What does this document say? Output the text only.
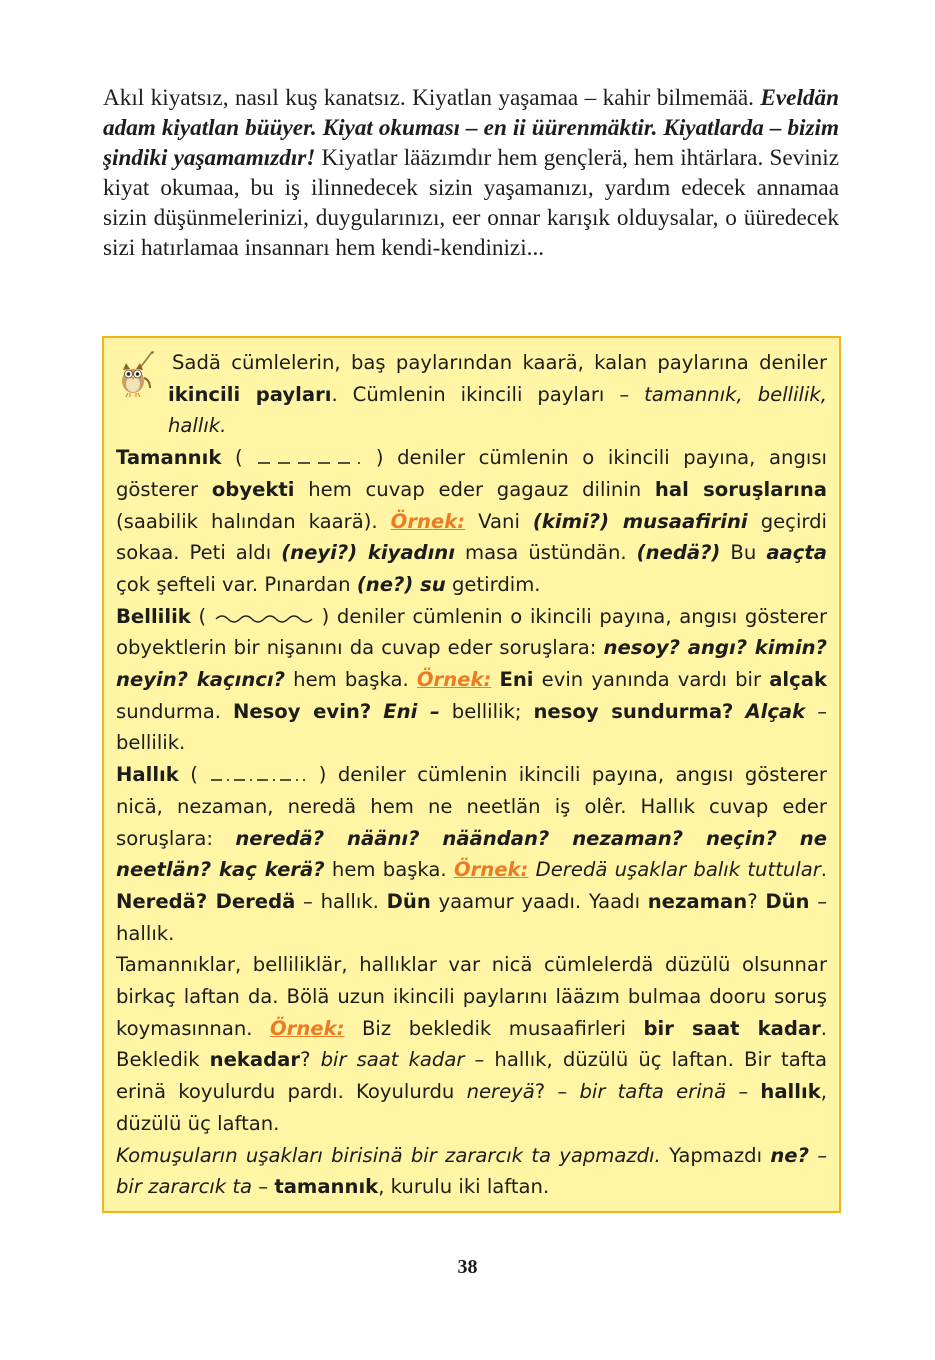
Akıl kiyatsız, nasıl kuş kanatsız. Kiyatlan yaşamaa – kahir bilmemää. Eveldän adam kiyatlan büüyer. Kiyat okuması – en ii üürenmäktir. Kiyatlarda – bizim şindiki yaşamamızdır! Kiyatlar lääzımdır hem gençlerä, hem ihtärlara. Seviniz kiyat okumaa, bu iş ilinnedecek sizin yaşamanızı, yardım edecek annamaa sizin düşünmelerinizi, duygularınızı, eer onnar karışık olduysalar, o üüredecek sizi hatırlamaa insannarı hem kendi-kendinizi...

Sadä cümlelerin, baş paylarından kaarä, kalan paylarına deniler ikincili payları. Cümlenin ikincili payları – tamannık, bellilik, hallık.

Tamannık (	) deniler cümlenin o ikincili payına, angısı gösterer obyekti hem cuvap eder gagauz dilinin hal soruşlarına (saabilik halından kaarä). Örnek: Vani (kimi?) musaafirini geçirdi sokaa. Peti aldı (neyi?) kiyadını masa üstündän. (nedä?) Bu aaçta çok şefteli var. Pınardan (ne?) su getirdim.

Bellilik (	) deniler cümlenin o ikincili payına, angısı gösterer obyektlerin bir nişanını da cuvap eder soruşlara: nesoy? angı? kimin? neyin? kaçıncı? hem başka. Örnek: Eni evin yanında vardı bir alçak sundurma. Nesoy evin? Eni – bellilik; nesoy sundurma? Alçak – bellilik.

Hallık (	) deniler cümlenin ikincili payına, angısı gösterer nicä, nezaman, neredä hem ne neetlän iş olêr. Hallık cuvap eder soruşlara: neredä? näänı? näändan? nezaman? neçin? ne neetlän? kaç kerä? hem başka. Örnek: Deredä uşaklar balık tuttular. Neredä? Deredä – hallık. Dün yaamur yaadı. Yaadı nezaman? Dün – hallık.

Tamannıklar, belliliklär, hallıklar var nicä cümlelerdä düzülü olsunnar birkaç laftan da. Bölä uzun ikincili paylarını lääzım bulmaa dooru soruş koymasınnan. Örnek: Biz bekledik musaafirleri bir saat kadar. Bekledik nekadar? bir saat kadar – hallık, düzülü üç laftan. Bir tafta erinä koyulurdu pardı. Koyulurdu nereyä? – bir tafta erinä – hallık, düzülü üç laftan.

Komuşuların uşakları birisinä bir zararcık ta yapmazdı. Yapmazdı ne? – bir zararcık ta – tamannık, kurulu iki laftan.

38
